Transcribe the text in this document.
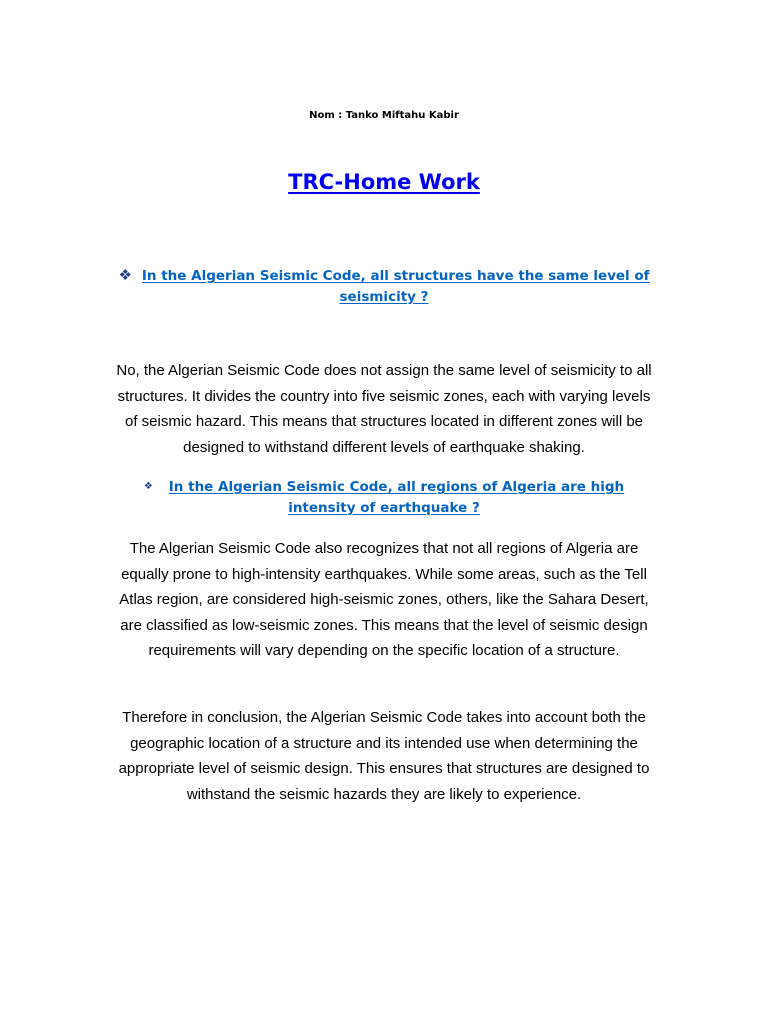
Nom : Tanko Miftahu Kabir
TRC-Home Work

❖ In the Algerian Seismic Code, all structures have the same level of
seismicity ?

No, the Algerian Seismic Code does not assign the same level of seismicity to all structures. It divides the country into five seismic zones, each with varying levels of seismic hazard. This means that structures located in different zones will be designed to withstand different levels of earthquake shaking.

❖ In the Algerian Seismic Code, all regions of Algeria are high
intensity of earthquake ?

The Algerian Seismic Code also recognizes that not all regions of Algeria are equally prone to high-intensity earthquakes. While some areas, such as the Tell Atlas region, are considered high-seismic zones, others, like the Sahara Desert, are classified as low-seismic zones. This means that the level of seismic design requirements will vary depending on the specific location of a structure.

Therefore in conclusion, the Algerian Seismic Code takes into account both the geographic location of a structure and its intended use when determining the appropriate level of seismic design. This ensures that structures are designed to withstand the seismic hazards they are likely to experience.
